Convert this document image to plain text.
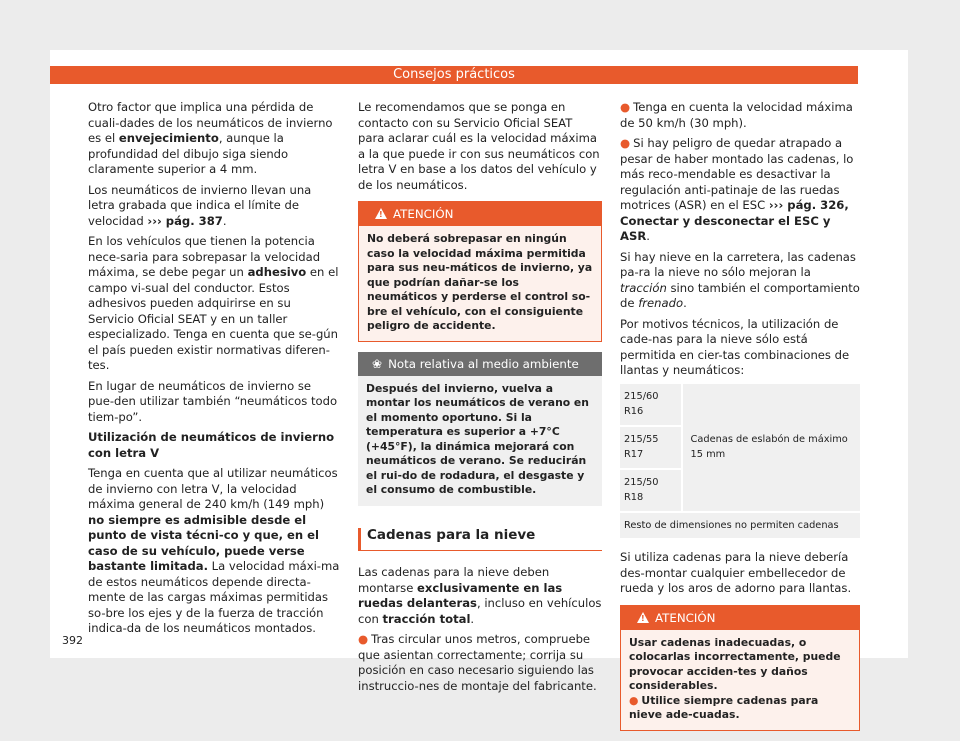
Consejos prácticos

Otro factor que implica una pérdida de cuali-dades de los neumáticos de invierno es el envejecimiento, aunque la profundidad del dibujo siga siendo claramente superior a 4 mm.

Los neumáticos de invierno llevan una letra grabada que indica el límite de velocidad ››› pág. 387.

En los vehículos que tienen la potencia nece-saria para sobrepasar la velocidad máxima, se debe pegar un adhesivo en el campo vi-sual del conductor. Estos adhesivos pueden adquirirse en su Servicio Oficial SEAT y en un taller especializado. Tenga en cuenta que se-gún el país pueden existir normativas diferen-tes.

En lugar de neumáticos de invierno se pue-den utilizar también “neumáticos todo tiem-po”.

Utilización de neumáticos de invierno con letra V

Tenga en cuenta que al utilizar neumáticos de invierno con letra V, la velocidad máxima general de 240 km/h (149 mph) no siempre es admisible desde el punto de vista técni-co y que, en el caso de su vehículo, puede verse bastante limitada. La velocidad máxi-ma de estos neumáticos depende directa-mente de las cargas máximas permitidas so-bre los ejes y de la fuerza de tracción indica-da de los neumáticos montados.

Le recomendamos que se ponga en contacto con su Servicio Oficial SEAT para aclarar cuál es la velocidad máxima a la que puede ir con sus neumáticos con letra V en base a los datos del vehículo y de los neumáticos.

! ATENCIÓN
No deberá sobrepasar en ningún caso la velocidad máxima permitida para sus neu-máticos de invierno, ya que podrían dañar-se los neumáticos y perderse el control so-bre el vehículo, con el consiguiente peligro de accidente.
❀ Nota relativa al medio ambiente
Después del invierno, vuelva a montar los neumáticos de verano en el momento oportuno. Si la temperatura es superior a +7°C (+45°F), la dinámica mejorará con neumáticos de verano. Se reducirán el rui-do de rodadura, el desgaste y el consumo de combustible.
Cadenas para la nieve

Las cadenas para la nieve deben montarse exclusivamente en las ruedas delanteras, incluso en vehículos con tracción total.

● Tras circular unos metros, compruebe que asientan correctamente; corrija su posición en caso necesario siguiendo las instruccio-nes de montaje del fabricante.

● Tenga en cuenta la velocidad máxima de 50 km/h (30 mph).

● Si hay peligro de quedar atrapado a pesar de haber montado las cadenas, lo más reco-mendable es desactivar la regulación anti-patinaje de las ruedas motrices (ASR) en el ESC ››› pág. 326, Conectar y desconectar el ESC y ASR.

Si hay nieve en la carretera, las cadenas pa-ra la nieve no sólo mejoran la tracción sino también el comportamiento de frenado.

Por motivos técnicos, la utilización de cade-nas para la nieve sólo está permitida en cier-tas combinaciones de llantas y neumáticos:

215/60 R16	Cadenas de eslabón de máximo 15 mm
215/55 R17
215/50 R18
Resto de dimensiones no permiten cadenas

Si utiliza cadenas para la nieve debería des-montar cualquier embellecedor de rueda y los aros de adorno para llantas.

! ATENCIÓN
Usar cadenas inadecuadas, o colocarlas incorrectamente, puede provocar acciden-tes y daños considerables.
● Utilice siempre cadenas para nieve ade-cuadas.
392
